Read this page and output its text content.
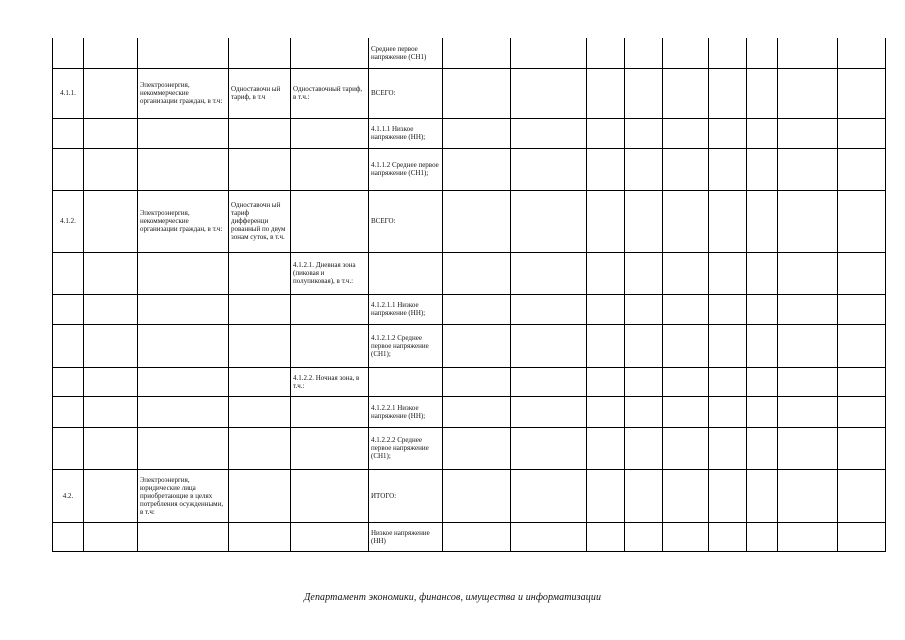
					Среднее первое напряжение (СН1)									
4.1.1.		Электроэнергия, некоммерческие организации граждан, в т.ч:	Одноставочн ый тариф, в т.ч	Одноставочный тариф, в т.ч.:	ВСЕГО:									
					4.1.1.1 Низкое напряжение (НН);									
					4.1.1.2 Среднее первое напряжение (СН1);									
4.1.2.		Электроэнергия, некоммерческие организации граждан, в т.ч:	Одноставочн ый тариф дифференци рованный по двум зонам суток, в т.ч.		ВСЕГО:									
				4.1.2.1. Дневная зона (пиковая и полупиковая), в т.ч.:										
					4.1.2.1.1 Низкое напряжение (НН);									
					4.1.2.1.2 Среднее первое напряжение (СН1);									
				4.1.2.2. Ночная зона, в т.ч.:										
					4.1.2.2.1 Низкое напряжение (НН);									
					4.1.2.2.2 Среднее первое напряжение (СН1);									
4.2.		Электроэнергия, юридические лица приобретающие в целях потребления осужденными, в т.ч:			ИТОГО:									
					Низкое напряжение (НН)									
Департамент экономики, финансов, имущества и информатизации
